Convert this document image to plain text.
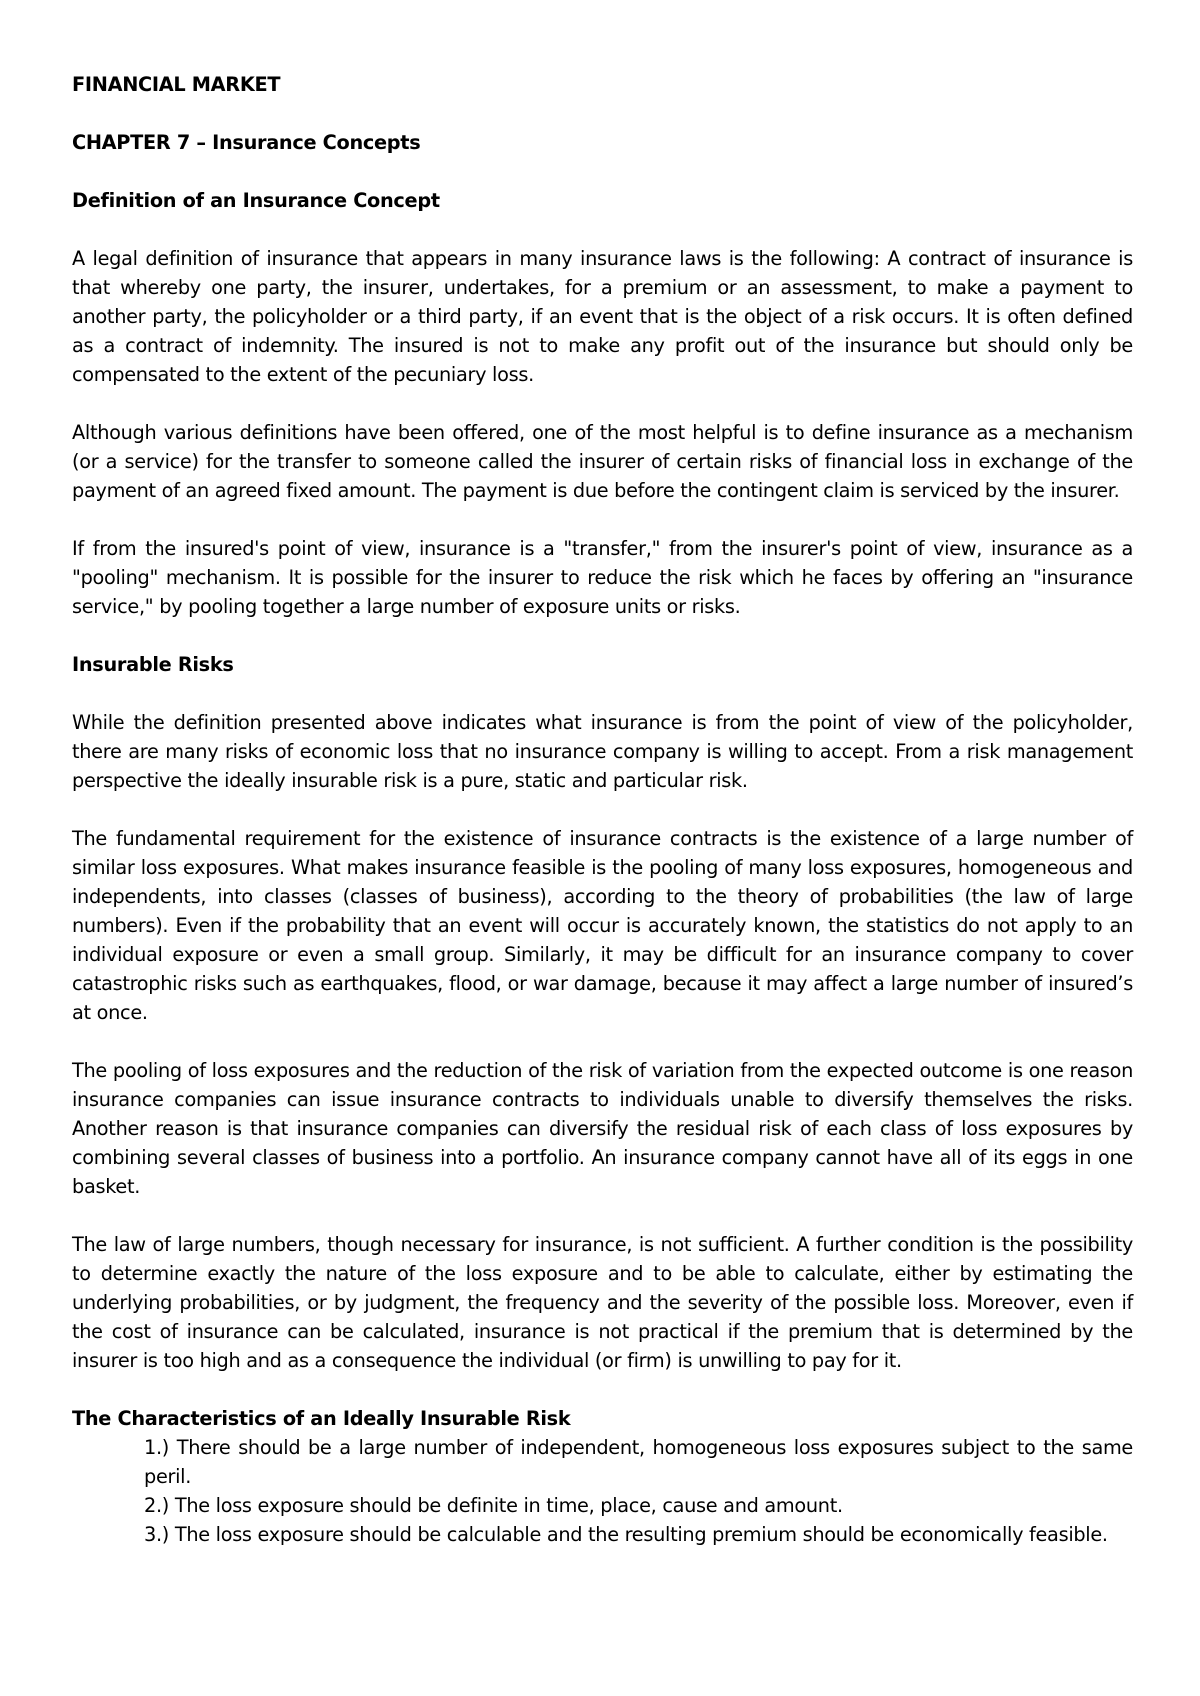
FINANCIAL MARKET
CHAPTER 7 – Insurance Concepts
Definition of an Insurance Concept

A legal definition of insurance that appears in many insurance laws is the following: A contract of insurance is that whereby one party, the insurer, undertakes, for a premium or an assessment, to make a payment to another party, the policyholder or a third party, if an event that is the object of a risk occurs. It is often defined as a contract of indemnity. The insured is not to make any profit out of the insurance but should only be compensated to the extent of the pecuniary loss.

Although various definitions have been offered, one of the most helpful is to define insurance as a mechanism (or a service) for the transfer to someone called the insurer of certain risks of financial loss in exchange of the payment of an agreed fixed amount. The payment is due before the contingent claim is serviced by the insurer.

If from the insured's point of view, insurance is a "transfer," from the insurer's point of view, insurance as a "pooling" mechanism. It is possible for the insurer to reduce the risk which he faces by offering an "insurance service," by pooling together a large number of exposure units or risks.

Insurable Risks

While the definition presented above indicates what insurance is from the point of view of the policyholder, there are many risks of economic loss that no insurance company is willing to accept. From a risk management perspective the ideally insurable risk is a pure, static and particular risk.

The fundamental requirement for the existence of insurance contracts is the existence of a large number of similar loss exposures. What makes insurance feasible is the pooling of many loss exposures, homogeneous and independents, into classes (classes of business), according to the theory of probabilities (the law of large numbers). Even if the probability that an event will occur is accurately known, the statistics do not apply to an individual exposure or even a small group. Similarly, it may be difficult for an insurance company to cover catastrophic risks such as earthquakes, flood, or war damage, because it may affect a large number of insured’s at once.

The pooling of loss exposures and the reduction of the risk of variation from the expected outcome is one reason insurance companies can issue insurance contracts to individuals unable to diversify themselves the risks. Another reason is that insurance companies can diversify the residual risk of each class of loss exposures by combining several classes of business into a portfolio. An insurance company cannot have all of its eggs in one basket.

The law of large numbers, though necessary for insurance, is not sufficient. A further condition is the possibility to determine exactly the nature of the loss exposure and to be able to calculate, either by estimating the underlying probabilities, or by judgment, the frequency and the severity of the possible loss. Moreover, even if the cost of insurance can be calculated, insurance is not practical if the premium that is determined by the insurer is too high and as a consequence the individual (or firm) is unwilling to pay for it.

The Characteristics of an Ideally Insurable Risk
1.) There should be a large number of independent, homogeneous loss exposures subject to the same peril.
2.) The loss exposure should be definite in time, place, cause and amount.
3.) The loss exposure should be calculable and the resulting premium should be economically feasible.
